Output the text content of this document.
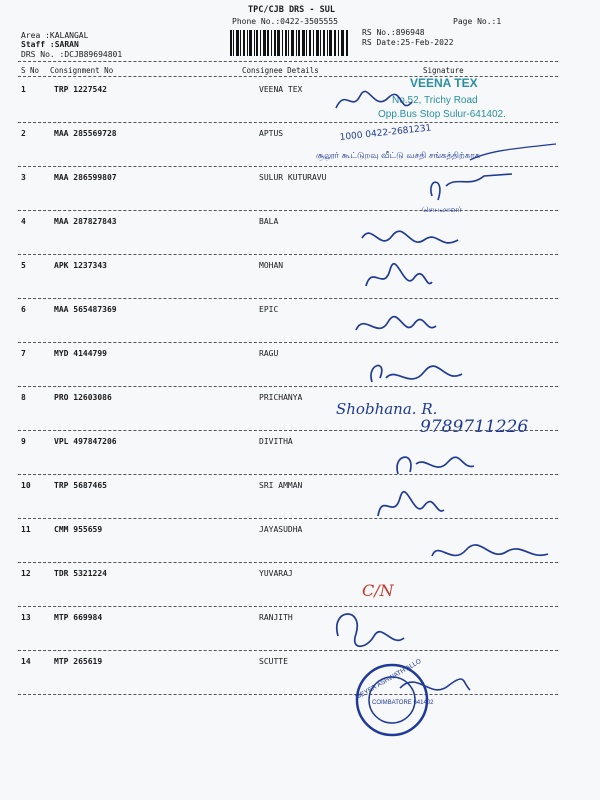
TPC/CJB DRS - SUL
Phone No.:0422-3505555	Page No.:1
Area :KALANGAL
Staff :SARAN
DRS No. :DCJB89694801
RS No.:896948
RS Date:25-Feb-2022
S No Consignment No	Consignee Details	Signature
1	TRP 1227542	VEENA TEX
2	MAA 285569728	APTUS
3	MAA 286599807	SULUR KUTURAVU
4	MAA 287827843	BALA
5	APK 1237343	MOHAN
6	MAA 565487369	EPIC
7	MYD 4144799	RAGU
8	PRO 12603086	PRICHANYA
9	VPL 497847206	DIVITHA
10	TRP 5687465	SRI AMMAN
11	CMM 955659	JAYASUDHA
12	TDR 5321224	YUVARAJ
13	MTP 669984	RANJITH
14	MTP 265619	SCUTTE
VEENA TEX
No.52, Trichy Road
Opp.Bus Stop Sulur-641402.
1000 0422-2681231
சூலூர் கூட்டுறவு வீட்டு வசதி சங்கத்திற்காக
செயலாளர்
Shobhana. R.
9789711226
C/N
MEYER ASHWATH ALLO
COIMBATORE 641402
